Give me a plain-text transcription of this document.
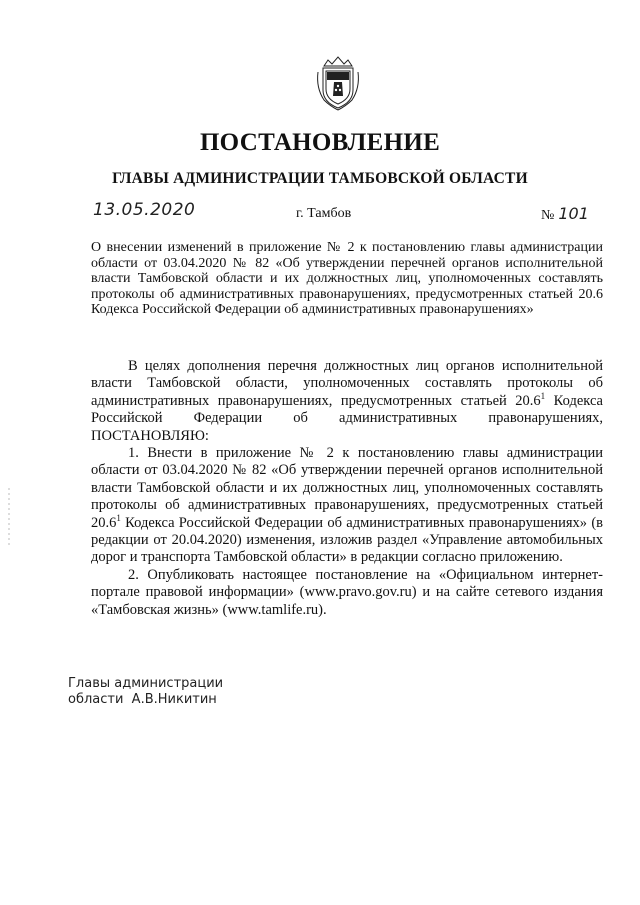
ПОСТАНОВЛЕНИЕ
ГЛАВЫ АДМИНИСТРАЦИИ ТАМБОВСКОЙ ОБЛАСТИ
13.05.2020	г. Тамбов	№ 101

О внесении изменений в приложение № 2 к постановлению главы администрации области от 03.04.2020 № 82 «Об утверждении перечней органов исполнительной власти Тамбовской области и их должностных лиц, уполномоченных составлять протоколы об административных правонарушениях, предусмотренных статьей 20.6 Кодекса Российской Федерации об административных правонарушениях»

В целях дополнения перечня должностных лиц органов исполнительной власти Тамбовской области, уполномоченных составлять протоколы об административных правонарушениях, предусмотренных статьей 20.6$^1$ Кодекса Российской Федерации об административных правонарушениях, ПОСТАНОВЛЯЮ:

1. Внести в приложение № 2 к постановлению главы администрации области от 03.04.2020 № 82 «Об утверждении перечней органов исполнительной власти Тамбовской области и их должностных лиц, уполномоченных составлять протоколы об административных правонарушениях, предусмотренных статьей 20.6$^1$ Кодекса Российской Федерации об административных правонарушениях» (в редакции от 20.04.2020) изменения, изложив раздел «Управление автомобильных дорог и транспорта Тамбовской области» в редакции согласно приложению.

2. Опубликовать настоящее постановление на «Официальном интернет-портале правовой информации» (www.pravo.gov.ru) и на сайте сетевого издания «Тамбовская жизнь» (www.tamlife.ru).

Главы администрации
области  А.В.Никитин
